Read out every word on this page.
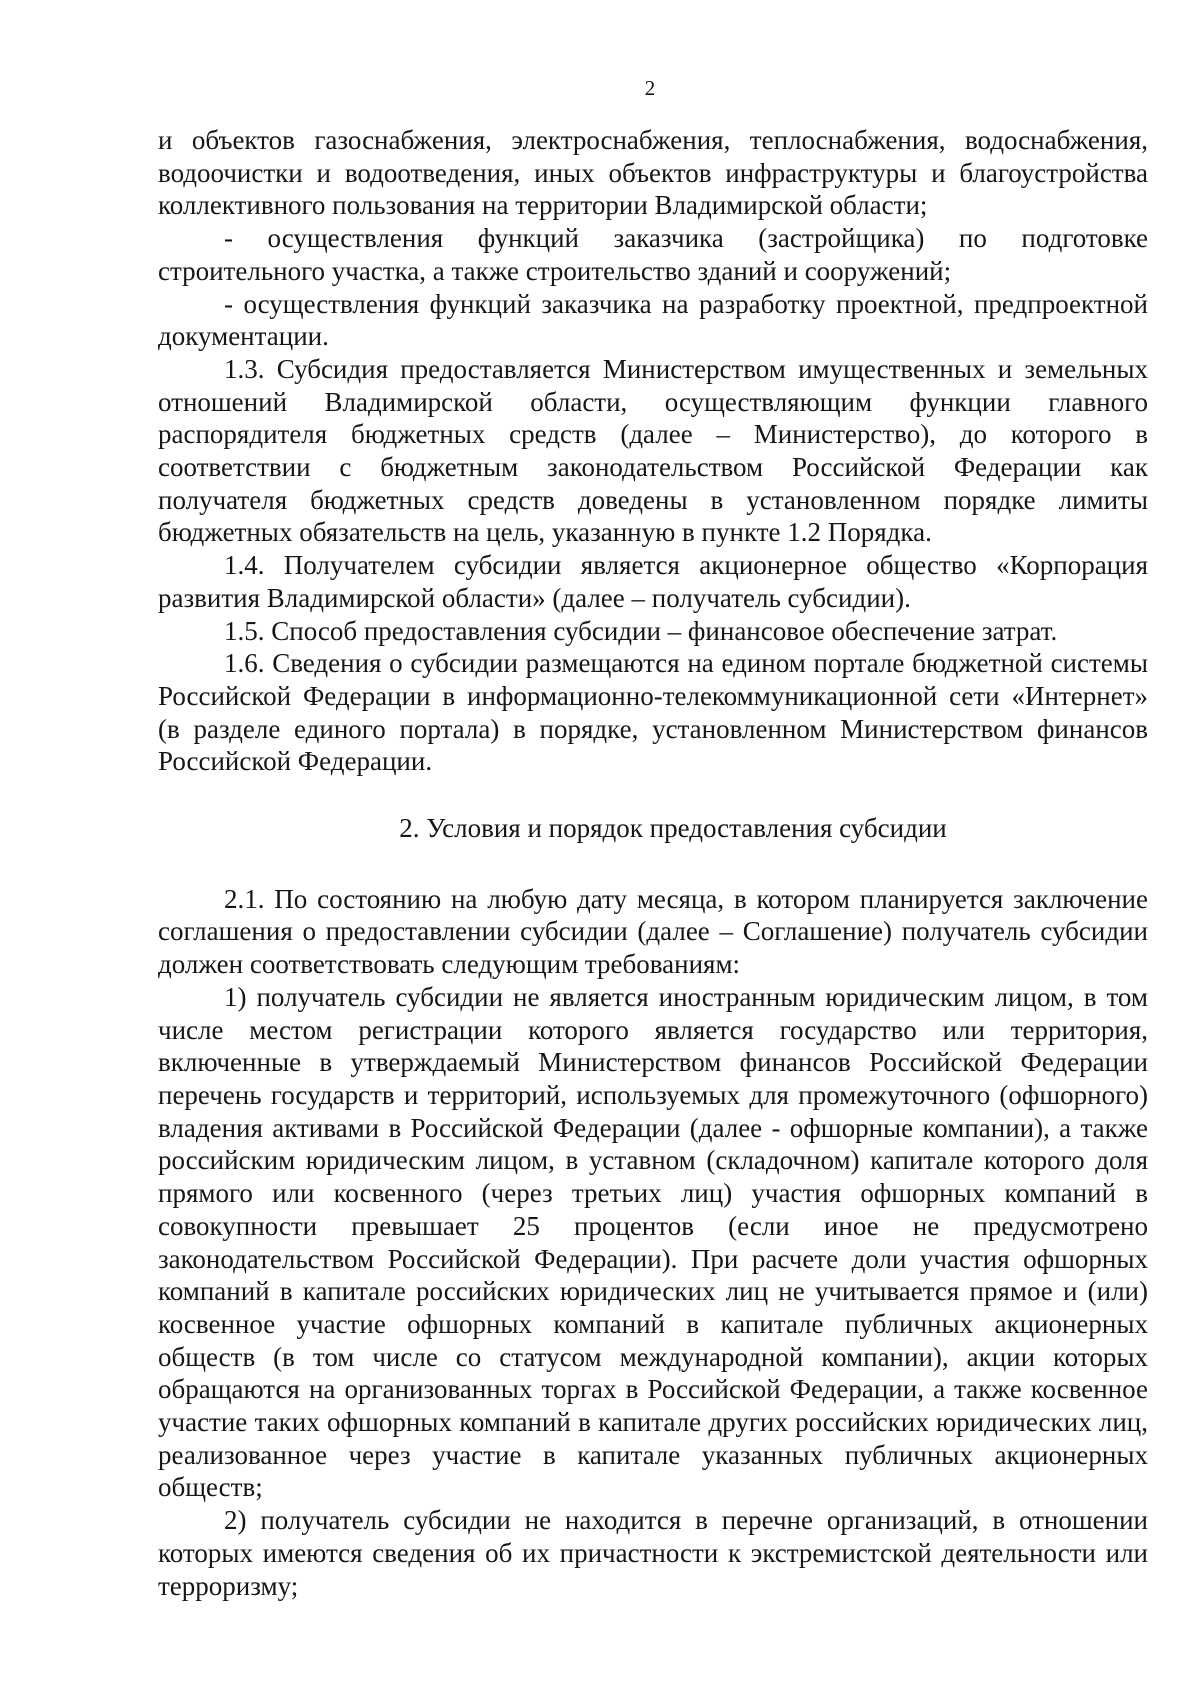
2

и объектов газоснабжения, электроснабжения, теплоснабжения, водоснабжения, водоочистки и водоотведения, иных объектов инфраструктуры и благоустройства коллективного пользования на территории Владимирской области;

- осуществления функций заказчика (застройщика) по подготовке строительного участка, а также строительство зданий и сооружений;

- осуществления функций заказчика на разработку проектной, предпроектной документации.

1.3. Субсидия предоставляется Министерством имущественных и земельных отношений Владимирской области, осуществляющим функции главного распорядителя бюджетных средств (далее – Министерство), до которого в соответствии с бюджетным законодательством Российской Федерации как получателя бюджетных средств доведены в установленном порядке лимиты бюджетных обязательств на цель, указанную в пункте 1.2 Порядка.

1.4. Получателем субсидии является акционерное общество «Корпорация развития Владимирской области» (далее – получатель субсидии).

1.5. Способ предоставления субсидии – финансовое обеспечение затрат.

1.6. Сведения о субсидии размещаются на едином портале бюджетной системы Российской Федерации в информационно-телекоммуникационной сети «Интернет» (в разделе единого портала) в порядке, установленном Министерством финансов Российской Федерации.

2. Условия и порядок предоставления субсидии

2.1. По состоянию на любую дату месяца, в котором планируется заключение соглашения о предоставлении субсидии (далее – Соглашение) получатель субсидии должен соответствовать следующим требованиям:

1) получатель субсидии не является иностранным юридическим лицом, в том числе местом регистрации которого является государство или территория, включенные в утверждаемый Министерством финансов Российской Федерации перечень государств и территорий, используемых для промежуточного (офшорного) владения активами в Российской Федерации (далее - офшорные компании), а также российским юридическим лицом, в уставном (складочном) капитале которого доля прямого или косвенного (через третьих лиц) участия офшорных компаний в совокупности превышает 25 процентов (если иное не предусмотрено законодательством Российской Федерации). При расчете доли участия офшорных компаний в капитале российских юридических лиц не учитывается прямое и (или) косвенное участие офшорных компаний в капитале публичных акционерных обществ (в том числе со статусом международной компании), акции которых обращаются на организованных торгах в Российской Федерации, а также косвенное участие таких офшорных компаний в капитале других российских юридических лиц, реализованное через участие в капитале указанных публичных акционерных обществ;

2) получатель субсидии не находится в перечне организаций, в отношении которых имеются сведения об их причастности к экстремистской деятельности или терроризму;
